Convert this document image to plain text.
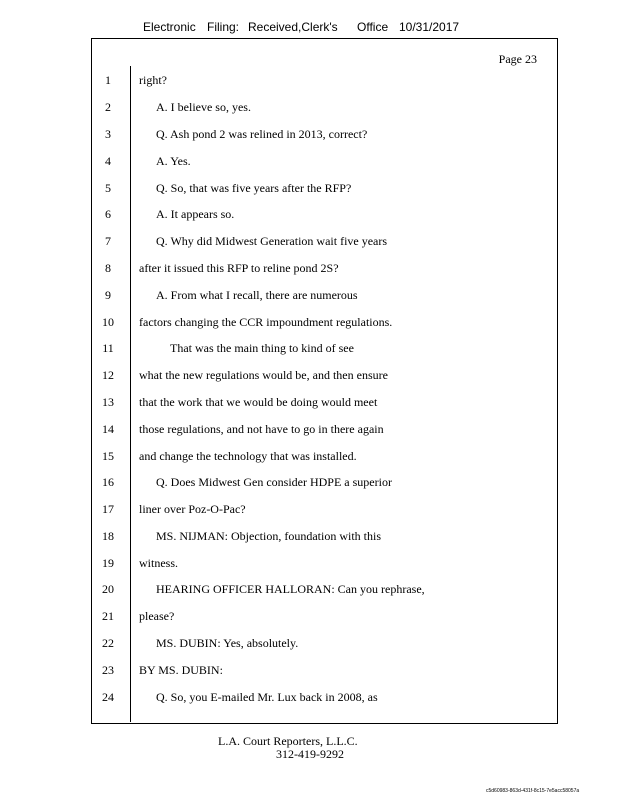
Electronic Filing: Received,Clerk's Office 10/31/2017
Page 23
1	right?
2	A. I believe so, yes.
3	Q. Ash pond 2 was relined in 2013, correct?
4	A. Yes.
5	Q. So, that was five years after the RFP?
6	A. It appears so.
7	Q. Why did Midwest Generation wait five years
8	after it issued this RFP to reline pond 2S?
9	A. From what I recall, there are numerous
10	factors changing the CCR impoundment regulations.
11	That was the main thing to kind of see
12	what the new regulations would be, and then ensure
13	that the work that we would be doing would meet
14	those regulations, and not have to go in there again
15	and change the technology that was installed.
16	Q. Does Midwest Gen consider HDPE a superior
17	liner over Poz-O-Pac?
18	MS. NIJMAN: Objection, foundation with this
19	witness.
20	HEARING OFFICER HALLORAN: Can you rephrase,
21	please?
22	MS. DUBIN: Yes, absolutely.
23	BY MS. DUBIN:
24	Q. So, you E-mailed Mr. Lux back in 2008, as
L.A. Court Reporters, L.L.C.
312-419-9292
c5d60983-863d-431f-8c15-7e5acc58057a
